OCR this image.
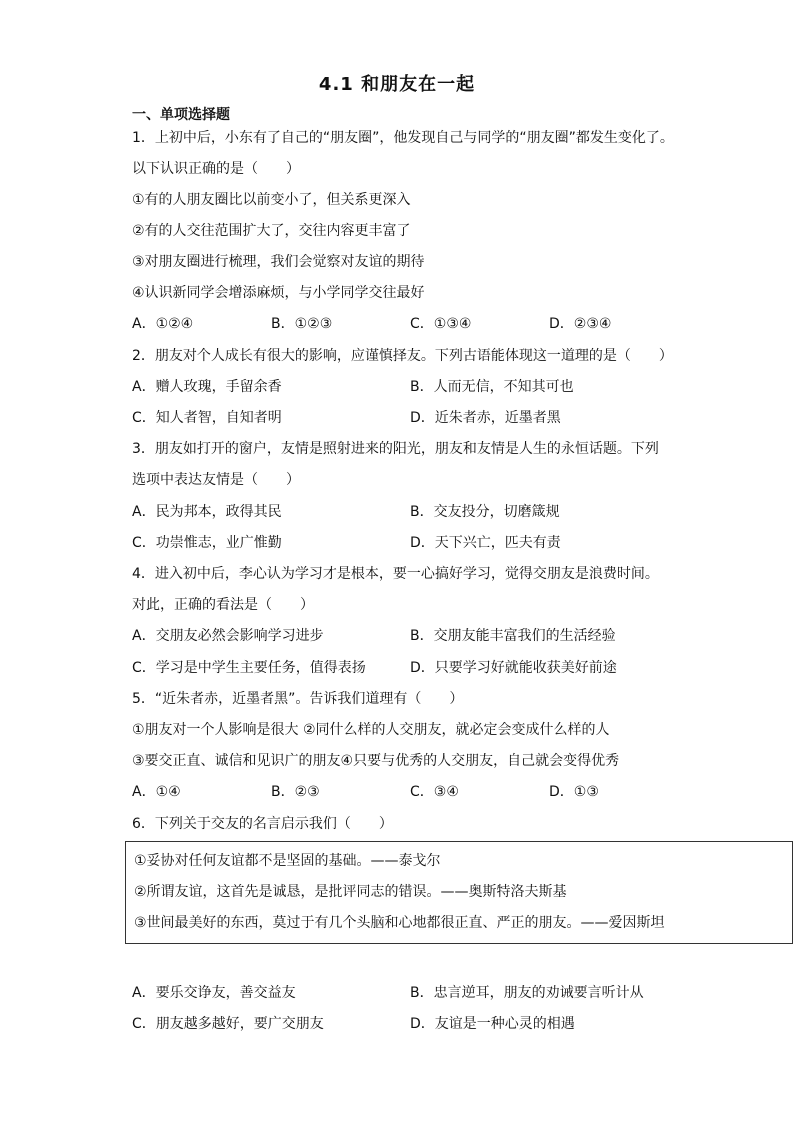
4.1 和朋友在一起
一、单项选择题
1．上初中后，小东有了自己的“朋友圈”，他发现自己与同学的“朋友圈”都发生变化了。
以下认识正确的是（　　）
①有的人朋友圈比以前变小了，但关系更深入
②有的人交往范围扩大了，交往内容更丰富了
③对朋友圈进行梳理，我们会觉察对友谊的期待
④认识新同学会增添麻烦，与小学同学交往最好
A．①②④	B．①②③	C．①③④	D．②③④
2．朋友对个人成长有很大的影响，应谨慎择友。下列古语能体现这一道理的是（　　）
A．赠人玫瑰，手留余香	B．人而无信，不知其可也
C．知人者智，自知者明	D．近朱者赤，近墨者黑
3．朋友如打开的窗户，友情是照射进来的阳光，朋友和友情是人生的永恒话题。下列
选项中表达友情是（　　）
A．民为邦本，政得其民	B．交友投分，切磨箴规
C．功崇惟志，业广惟勤	D．天下兴亡，匹夫有责
4．进入初中后，李心认为学习才是根本，要一心搞好学习，觉得交朋友是浪费时间。
对此，正确的看法是（　　）
A．交朋友必然会影响学习进步	B．交朋友能丰富我们的生活经验
C．学习是中学生主要任务，值得表扬	D．只要学习好就能收获美好前途
5．“近朱者赤，近墨者黑”。告诉我们道理有（　　）
①朋友对一个人影响是很大 ②同什么样的人交朋友，就必定会变成什么样的人
③要交正直、诚信和见识广的朋友④只要与优秀的人交朋友，自己就会变得优秀
A．①④	B．②③	C．③④	D．①③
6．下列关于交友的名言启示我们（　　）
①妥协对任何友谊都不是坚固的基础。——泰戈尔
②所谓友谊，这首先是诚恳，是批评同志的错误。——奥斯特洛夫斯基
③世间最美好的东西，莫过于有几个头脑和心地都很正直、严正的朋友。——爱因斯坦
A．要乐交诤友，善交益友	B．忠言逆耳，朋友的劝诫要言听计从
C．朋友越多越好，要广交朋友	D．友谊是一种心灵的相遇
